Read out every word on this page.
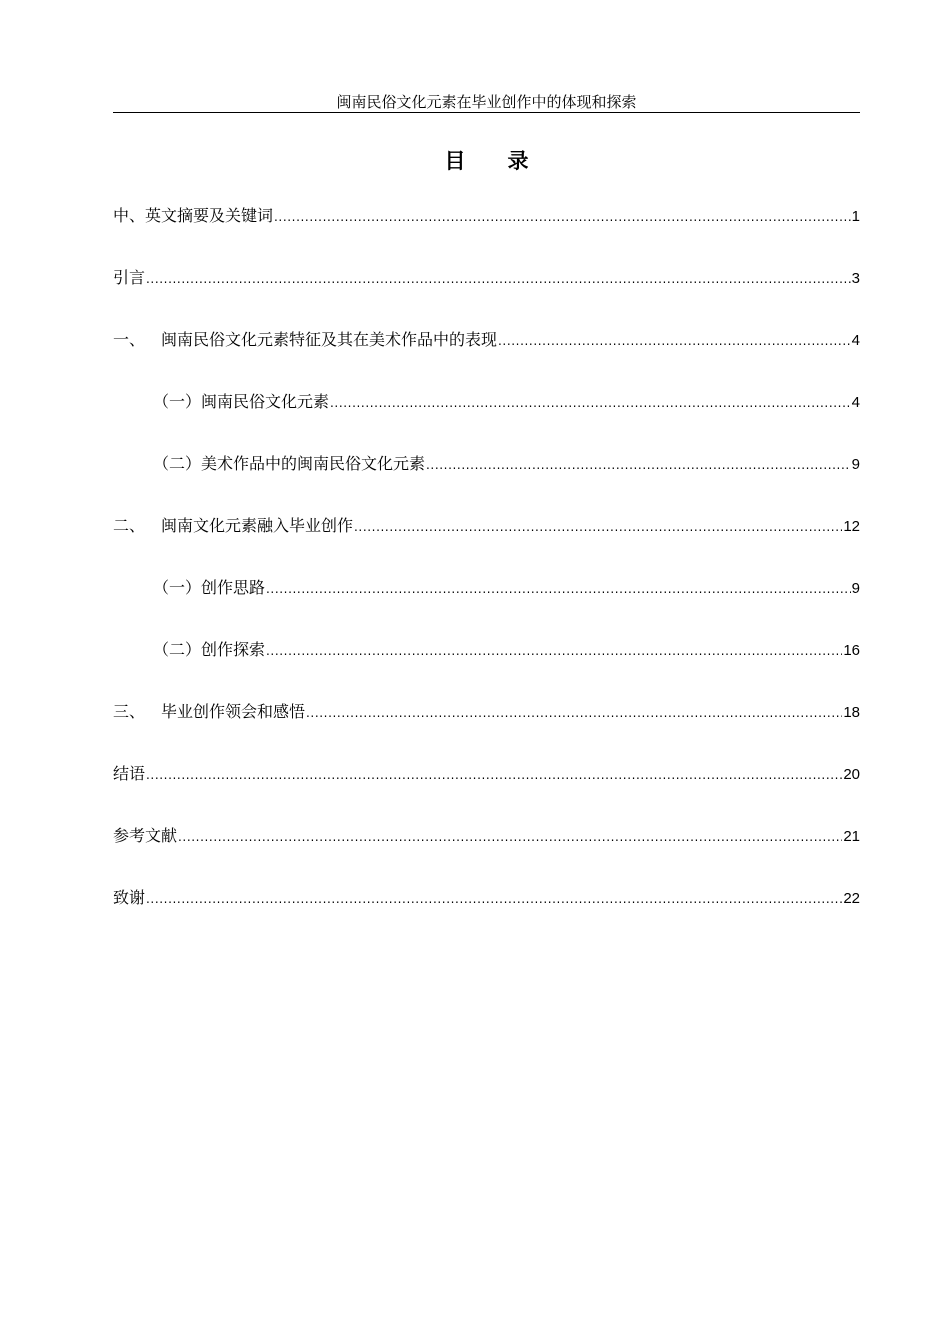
闽南民俗文化元素在毕业创作中的体现和探索
目 录
中、英文摘要及关键词 .....	1
引言 .....	3
一、 闽南民俗文化元素特征及其在美术作品中的表现 .....	4
（一）闽南民俗文化元素 .....	4
（二）美术作品中的闽南民俗文化元素 .....	9
二、 闽南文化元素融入毕业创作 .....	12
（一）创作思路 .....	9
（二）创作探索 .....	16
三、 毕业创作领会和感悟 .....	18
结语 .....	20
参考文献 .....	21
致谢 .....	22
